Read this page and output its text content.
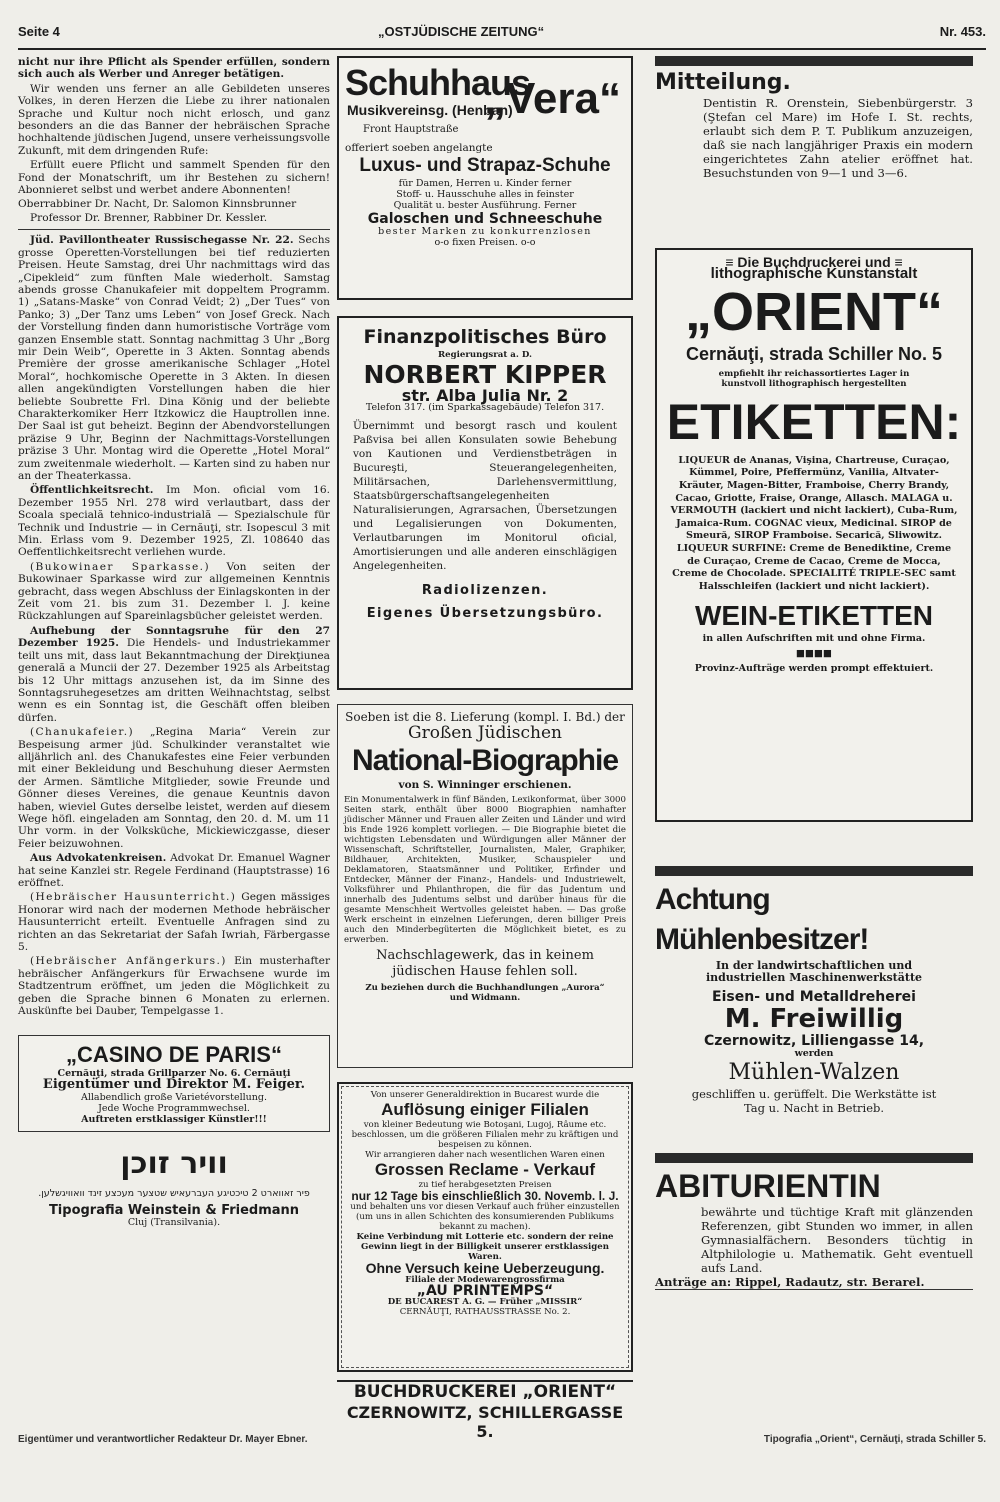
Seite 4	„OSTJÜDISCHE ZEITUNG“	Nr. 453.

nicht nur ihre Pflicht als Spender erfüllen, sondern sich auch als Werber und Anreger betätigen.

Wir wenden uns ferner an alle Gebildeten unseres Volkes, in deren Herzen die Liebe zu ihrer nationalen Sprache und Kultur noch nicht erlosch, und ganz besonders an die das Banner der hebräischen Sprache hochhaltende jüdischen Jugend, unsere verheissungsvolle Zukunft, mit dem dringenden Rufe:

Erfüllt euere Pflicht und sammelt Spenden für den Fond der Monatschrift, um ihr Bestehen zu sichern! Abonnieret selbst und werbet andere Abonnenten!

Oberrabbiner Dr. Nacht, Dr. Salomon Kinnsbrunner
Professor Dr. Brenner, Rabbiner Dr. Kessler.

Jüd. Pavillontheater Russischegasse Nr. 22. Sechs grosse Operetten-Vorstellungen bei tief reduzierten Preisen. Heute Samstag, drei Uhr nachmittags wird das „Cipekleid“ zum fünften Male wiederholt. Samstag abends grosse Chanukafeier mit doppeltem Programm. 1) „Satans-Maske“ von Conrad Veidt; 2) „Der Tues“ von Panko; 3) „Der Tanz ums Leben“ von Josef Greck. Nach der Vorstellung finden dann humoristische Vorträge vom ganzen Ensemble statt. Sonntag nachmittag 3 Uhr „Borg mir Dein Weib“, Operette in 3 Akten. Sonntag abends Première der grosse amerikanische Schlager „Hotel Moral“, hochkomische Operette in 3 Akten. In diesen allen angekündigten Vorstellungen haben die hier beliebte Soubrette Frl. Dina König und der beliebte Charakterkomiker Herr Itzkowicz die Hauptrollen inne. Der Saal ist gut beheizt. Beginn der Abendvorstellungen präzise 9 Uhr, Beginn der Nachmittags-Vorstellungen präzise 3 Uhr. Montag wird die Operette „Hotel Moral“ zum zweitenmale wiederholt. — Karten sind zu haben nur an der Theaterkassa.

Öffentlichkeitsrecht. Im Mon. oficial vom 16. Dezember 1955 Nrl. 278 wird verlautbart, dass der Scoala specială tehnico-industrială — Spezialschule für Technik und Industrie — in Cernăuţi, str. Isopescul 3 mit Min. Erlass vom 9. Dezember 1925, Zl. 108640 das Oeffentlichkeitsrecht verliehen wurde.

(Bukowinaer Sparkasse.) Von seiten der Bukowinaer Sparkasse wird zur allgemeinen Kenntnis gebracht, dass wegen Abschluss der Einlagskonten in der Zeit vom 21. bis zum 31. Dezember l. J. keine Rückzahlungen auf Spareinlagsbücher geleistet werden.

Aufhebung der Sonntagsruhe für den 27 Dezember 1925. Die Hendels- und Industriekammer teilt uns mit, dass laut Bekanntmachung der Direkţiunea generală a Muncii der 27. Dezember 1925 als Arbeitstag bis 12 Uhr mittags anzusehen ist, da im Sinne des Sonntagsruhegesetzes am dritten Weihnachtstag, selbst wenn es ein Sonntag ist, die Geschäft offen bleiben dürfen.

(Chanukafeier.) „Regina Maria“ Verein zur Bespeisung armer jüd. Schulkinder veranstaltet wie alljährlich anl. des Chanukafestes eine Feier verbunden mit einer Bekleidung und Beschuhung dieser Aermsten der Armen. Sämtliche Mitglieder, sowie Freunde und Gönner dieses Vereines, die genaue Keuntnis davon haben, wieviel Gutes derselbe leistet, werden auf diesem Wege höfl. eingeladen am Sonntag, den 20. d. M. um 11 Uhr vorm. in der Volksküche, Mickiewiczgasse, dieser Feier beizuwohnen.

Aus Advokatenkreisen. Advokat Dr. Emanuel Wagner hat seine Kanzlei str. Regele Ferdinand (Hauptstrasse) 16 eröffnet.

(Hebräischer Hausunterricht.) Gegen mässiges Honorar wird nach der modernen Methode hebräischer Hausunterricht erteilt. Eventuelle Anfragen sind zu richten an das Sekretariat der Safah Iwriah, Färbergasse 5.

(Hebräischer Anfängerkurs.) Ein musterhafter hebräischer Anfängerkurs für Erwachsene wurde im Stadtzentrum eröffnet, um jeden die Möglichkeit zu geben die Sprache binnen 6 Monaten zu erlernen. Auskünfte bei Dauber, Tempelgasse 1.

„CASINO DE PARIS“
Cernăuţi, strada Grillparzer No. 6. Cernăuţi
Eigentümer und Direktor M. Feiger.
Allabendlich große Varietévorstellung.
Jede Woche Programmwechsel.
Auftreten erstklassiger Künstler!!!
וויר זוכן
פיר זאווארט 2 טיכטיגע העברעאיש שטצער מעכצע זינד וואוויגשלען.
Tipografia Weinstein & Friedmann
Cluj (Transilvania).
Schuhhaus
Musikvereinsg. (Henban)
„Vera“
Front Hauptstraße
offeriert soeben angelangte
Luxus- und Strapaz-Schuhe
für Damen, Herren u. Kinder ferner Stoff- u. Hausschuhe alles in feinster Qualität u. bester Ausführung. Ferner
Galoschen und Schneeschuhe
bester Marken zu konkurrenzlosen
o-o fixen Preisen. o-o
Finanzpolitisches Büro
Regierungsrat a. D.
NORBERT KIPPER
str. Alba Julia Nr. 2
Telefon 317. (im Sparkassagebäude) Telefon 317.
Übernimmt und besorgt rasch und koulent Paßvisa bei allen Konsulaten sowie Behebung von Kautionen und Verdienstbeträgen in Bucureşti, Steuerangelegenheiten, Militärsachen, Darlehensvermittlung, Staatsbürgerschaftsangelegenheiten Naturalisierungen, Agrarsachen, Übersetzungen und Legalisierungen von Dokumenten, Verlautbarungen im Monitorul oficial, Amortisierungen und alle anderen einschlägigen Angelegenheiten.
Radiolizenzen.
Eigenes Übersetzungsbüro.
Soeben ist die 8. Lieferung (kompl. I. Bd.) der
Großen Jüdischen
National-Biographie
von S. Winninger erschienen.
Ein Monumentalwerk in fünf Bänden, Lexikonformat, über 3000 Seiten stark, enthält über 8000 Biographien namhafter jüdischer Männer und Frauen aller Zeiten und Länder und wird bis Ende 1926 komplett vorliegen. — Die Biographie bietet die wichtigsten Lebensdaten und Würdigungen aller Männer der Wissenschaft, Schriftsteller, Journalisten, Maler, Graphiker, Bildhauer, Architekten, Musiker, Schauspieler und Deklamatoren, Staatsmänner und Politiker, Erfinder und Entdecker, Männer der Finanz-, Handels- und Industriewelt, Volksführer und Philanthropen, die für das Judentum und innerhalb des Judentums selbst und darüber hinaus für die gesamte Menschheit Wertvolles geleistet haben. — Das große Werk erscheint in einzelnen Lieferungen, deren billiger Preis auch den Minderbegüterten die Möglichkeit bietet, es zu erwerben.
Nachschlagewerk, das in keinem jüdischen Hause fehlen soll.
Zu beziehen durch die Buchhandlungen „Aurora“ und Widmann.
Von unserer Generaldirektion in Bucarest wurde die
Auflösung einiger Filialen
von kleiner Bedeutung wie Botoşani, Lugoj, Râume etc. beschlossen, um die größeren Filialen mehr zu kräftigen und bespeisen zu können.
Wir arrangieren daher nach wesentlichen Waren einen
Grossen Reclame - Verkauf
zu tief herabgesetzten Preisen
nur 12 Tage bis einschließlich 30. Novemb. l. J.
und behalten uns vor diesen Verkauf auch früher einzustellen (um uns in allen Schichten des konsumierenden Publikums bekannt zu machen).
Keine Verbindung mit Lotterie etc. sondern der reine Gewinn liegt in der Billigkeit unserer erstklassigen Waren.
Ohne Versuch keine Ueberzeugung.
Filiale der Modewarengrossfirma
„AU PRINTEMPS“
DE BUCAREST A. G. — Früher „MISSIR“
CERNĂUŢI, RATHAUSSTRASSE No. 2.
BUCHDRUCKEREI „ORIENT“
CZERNOWITZ, SCHILLERGASSE 5.
Mitteilung.
Dentistin R. Orenstein, Siebenbürgerstr. 3 (Ştefan cel Mare) im Hofe I. St. rechts, erlaubt sich dem P. T. Publikum anzuzeigen, daß sie nach langjähriger Praxis ein modern eingerichtetes Zahn atelier eröffnet hat. Besuchstunden von 9—1 und 3—6.
≡ Die Buchdruckerei und ≡
lithographische Kunstanstalt
„ORIENT“
Cernăuţi, strada Schiller No. 5
empfiehlt ihr reichassortiertes Lager in
kunstvoll lithographisch hergestellten
ETIKETTEN:
LIQUEUR de Ananas, Vişina, Chartreuse, Curaçao, Kümmel, Poire, Pfeffermünz, Vanilia, Altvater-Kräuter, Magen-Bitter, Framboise, Cherry Brandy, Cacao, Griotte, Fraise, Orange, Allasch. MALAGA u. VERMOUTH (lackiert und nicht lackiert), Cuba-Rum, Jamaica-Rum. COGNAC vieux, Medicinal. SIROP de Smeură, SIROP Framboise. Secarică, Sliwowitz. LIQUEUR SURFINE: Creme de Benediktine, Creme de Curaçao, Creme de Cacao, Creme de Mocca, Creme de Chocolade. SPECIALITÉ TRIPLE-SEC samt Halsschleifen (lackiert und nicht lackiert).
WEIN-ETIKETTEN
in allen Aufschriften mit und ohne Firma.
■■■■
Provinz-Aufträge werden prompt effektuiert.
Achtung Mühlenbesitzer!
In der landwirtschaftlichen und
industriellen Maschinenwerkstätte
Eisen- und Metalldreherei
M. Freiwillig
Czernowitz, Lilliengasse 14,
werden
Mühlen-Walzen
geschliffen u. gerüffelt. Die Werkstätte ist Tag u. Nacht in Betrieb.
ABITURIENTIN
bewährte und tüchtige Kraft mit glänzenden Referenzen, gibt Stunden wo immer, in allen Gymnasialfächern. Besonders tüchtig in Altphilologie u. Mathematik. Geht eventuell aufs Land.
Anträge an: Rippel, Radautz, str. Berarel.
Eigentümer und verantwortlicher Redakteur Dr. Mayer Ebner.	Tipografia „Orient“, Cernăuţi, strada Schiller 5.
